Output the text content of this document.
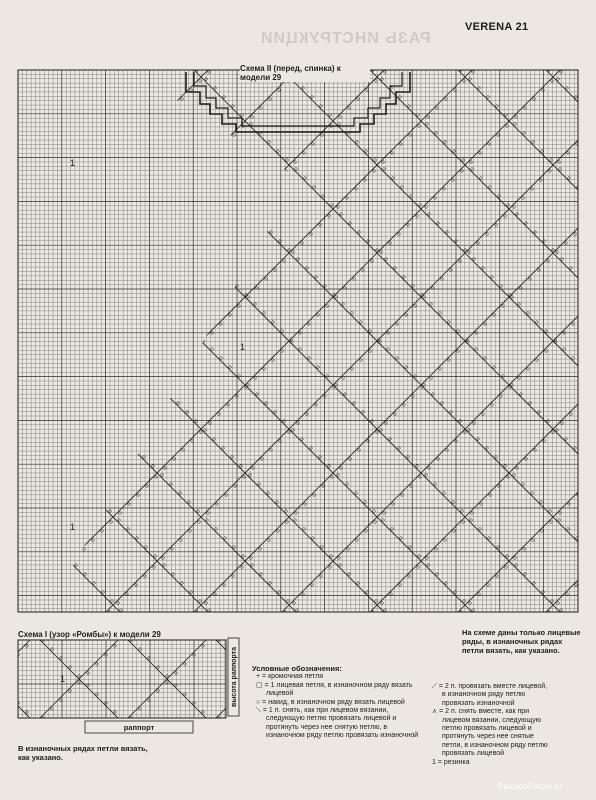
VERENA 21
РАЗЬ ИНСТРУКЦИИ
1
1
1
Схема II (перед, спинка) к модели 29
Схема I (узор «Ромбы») к модели 29
1
раппорт
высота раппорта
На схеме даны только лицевые ряды, в изнаночных рядах петли вязать, как указано.
Условные обозначения:
+ = кромочная петля
▢ = 1 лицевая петля, в изнаночном ряду вязать лицевой
○ = накид, в изнаночном ряду вязать лицевой
⟍ = 1 п. снять, как при лицевом вязании, следующую петлю провязать лицевой и протянуть через нее снятую петлю, в изнаночном ряду петлю провязать изнаночной
⟋ = 2 п. провязать вместе лицевой, в изнаночном ряду петлю провязать изнаночной
⋏ = 2 п. снять вместе, как при лицевом вязании, следующую петлю провязать лицевой и протянуть через нее снятые петли, в изнаночном ряду петлю провязать лицевой
1 = резинка
В изнаночных рядах петли вязать, как указано.
PassionForum.ru
